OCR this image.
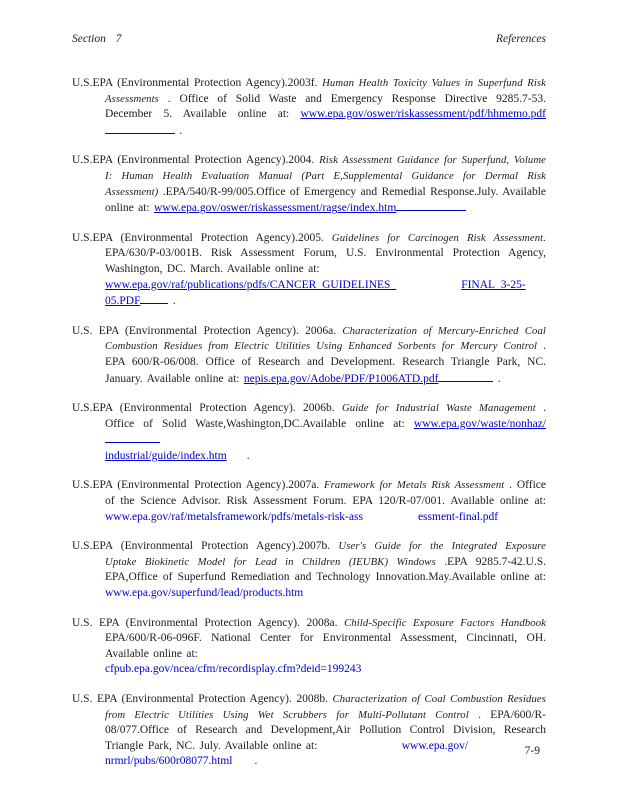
Section 7	References

U.S.EPA (Environmental Protection Agency).2003f. Human Health Toxicity Values in Superfund Risk Assessments . Office of Solid Waste and Emergency Response Directive 9285.7-53. December 5. Available online at: www.epa.gov/oswer/riskassessment/pdf/hhmemo.pdf .

U.S.EPA (Environmental Protection Agency).2004. Risk Assessment Guidance for Superfund, Volume I: Human Health Evaluation Manual (Part E,Supplemental Guidance for Dermal Risk Assessment) .EPA/540/R-99/005.Office of Emergency and Remedial Response.July. Available online at: www.epa.gov/oswer/riskassessment/ragse/index.htm

U.S.EPA (Environmental Protection Agency).2005. Guidelines for Carcinogen Risk Assessment. EPA/630/P-03/001B. Risk Assessment Forum, U.S. Environmental Protection Agency, Washington, DC. March. Available online at:
www.epa.gov/raf/publications/pdfs/CANCER_GUIDELINES_	FINAL_3-25-05.PDF .

U.S. EPA (Environmental Protection Agency). 2006a. Characterization of Mercury-Enriched Coal Combustion Residues from Electric Utilities Using Enhanced Sorbents for Mercury Control . EPA 600/R-06/008. Office of Research and Development. Research Triangle Park, NC. January. Available online at: nepis.epa.gov/Adobe/PDF/P1006ATD.pdf	.

U.S.EPA (Environmental Protection Agency). 2006b. Guide for Industrial Waste Management . Office of Solid Waste,Washington,DC.Available online at: www.epa.gov/waste/nonhaz/
industrial/guide/index.htm .

U.S.EPA (Environmental Protection Agency).2007a. Framework for Metals Risk Assessment . Office of the Science Advisor. Risk Assessment Forum. EPA 120/R-07/001. Available online at: www.epa.gov/raf/metalsframework/pdfs/metals-risk-ass	essment-final.pdf

U.S.EPA (Environmental Protection Agency).2007b. User's Guide for the Integrated Exposure Uptake Biokinetic Model for Lead in Children (IEUBK) Windows .EPA 9285.7-42.U.S. EPA,Office of Superfund Remediation and Technology Innovation.May.Available online at: www.epa.gov/superfund/lead/products.htm

U.S. EPA (Environmental Protection Agency). 2008a. Child-Specific Exposure Factors Handbook EPA/600/R-06-096F. National Center for Environmental Assessment, Cincinnati, OH. Available online at:
cfpub.epa.gov/ncea/cfm/recordisplay.cfm?deid=199243

U.S. EPA (Environmental Protection Agency). 2008b. Characterization of Coal Combustion Residues from Electric Utilities Using Wet Scrubbers for Multi-Pollutant Control . EPA/600/R-08/077.Office of Research and Development,Air Pollution Control Division, Research Triangle Park, NC. July. Available online at:	www.epa.gov/
nrmrl/pubs/600r08077.html .

7-9
